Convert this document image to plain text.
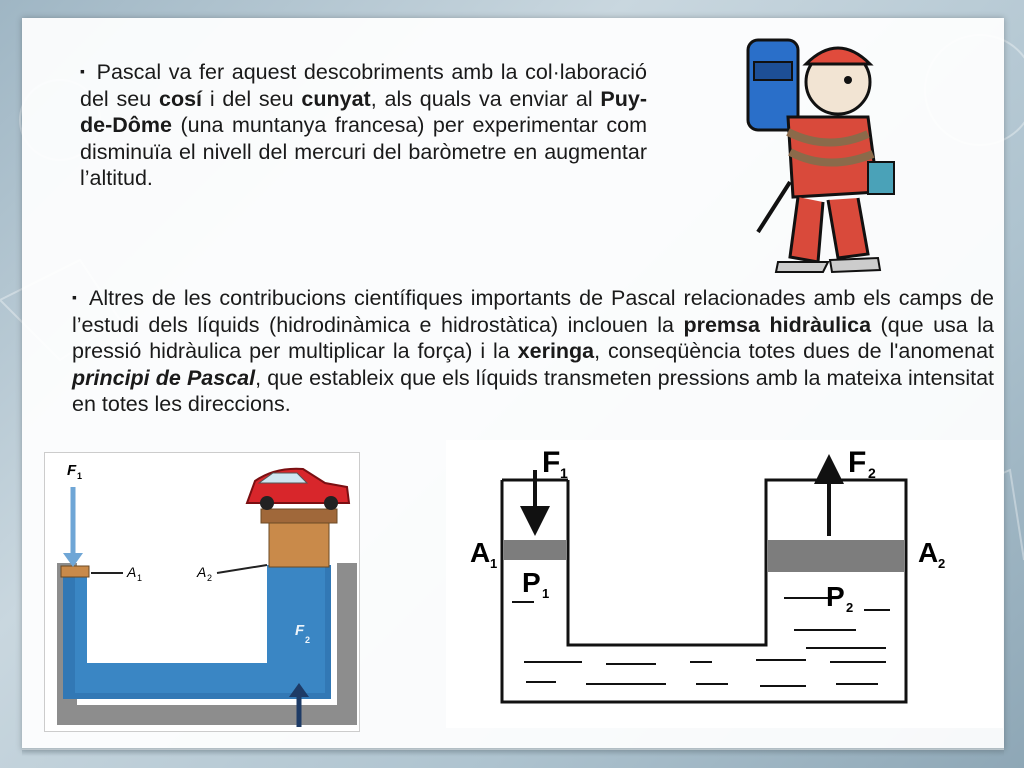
▪ Pascal va fer aquest descobriments amb la col·laboració del seu cosí i del seu cunyat, als quals va enviar al Puy-de-Dôme (una muntanya francesa) per experimentar com disminuïa el nivell del mercuri del baròmetre en augmentar l’altitud.
▪ Altres de les contribucions científiques importants de Pascal relacionades amb els camps de l’estudi dels líquids (hidrodinàmica e hidrostàtica) inclouen la premsa hidràulica (que usa la pressió hidràulica per multiplicar la força) i la xeringa, conseqüència totes dues de l'anomenat principi de Pascal, que estableix que els líquids transmeten pressions amb la mateixa intensitat en totes les direccions.
F 1
A 1	A 2
F
2
F 1	F 2
A 1	A 2
P 1	P 2
